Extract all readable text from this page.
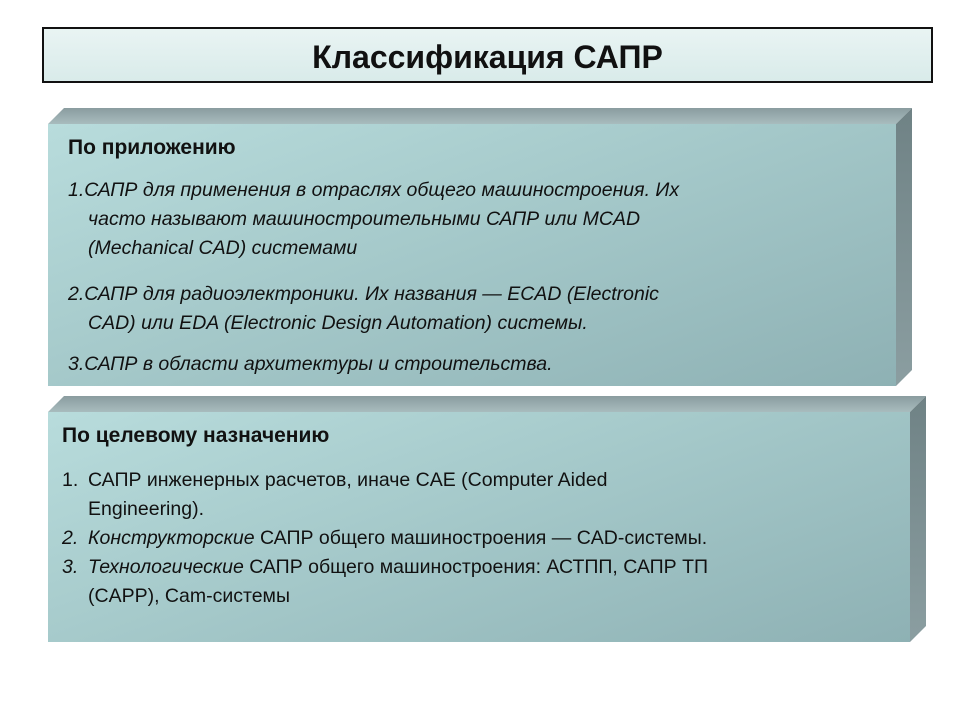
Классификация САПР
По приложению
1.САПР для применения в отраслях общего машиностроения. Их
часто называют машиностроительными САПР или MCAD
(Mechanical CAD) системами
2.САПР для радиоэлектроники. Их названия — ECAD (Electronic
CAD) или EDA (Electronic Design Automation) системы.
3.САПР в области архитектуры и строительства.
По целевому назначению
1. САПР инженерных расчетов, иначе CAE (Computer Aided
Engineering).
2. Конструкторские САПР общего машиностроения — CAD-системы.
3. Технологические САПР общего машиностроения: АСТПП, САПР ТП
(CAPP), Cam-системы
